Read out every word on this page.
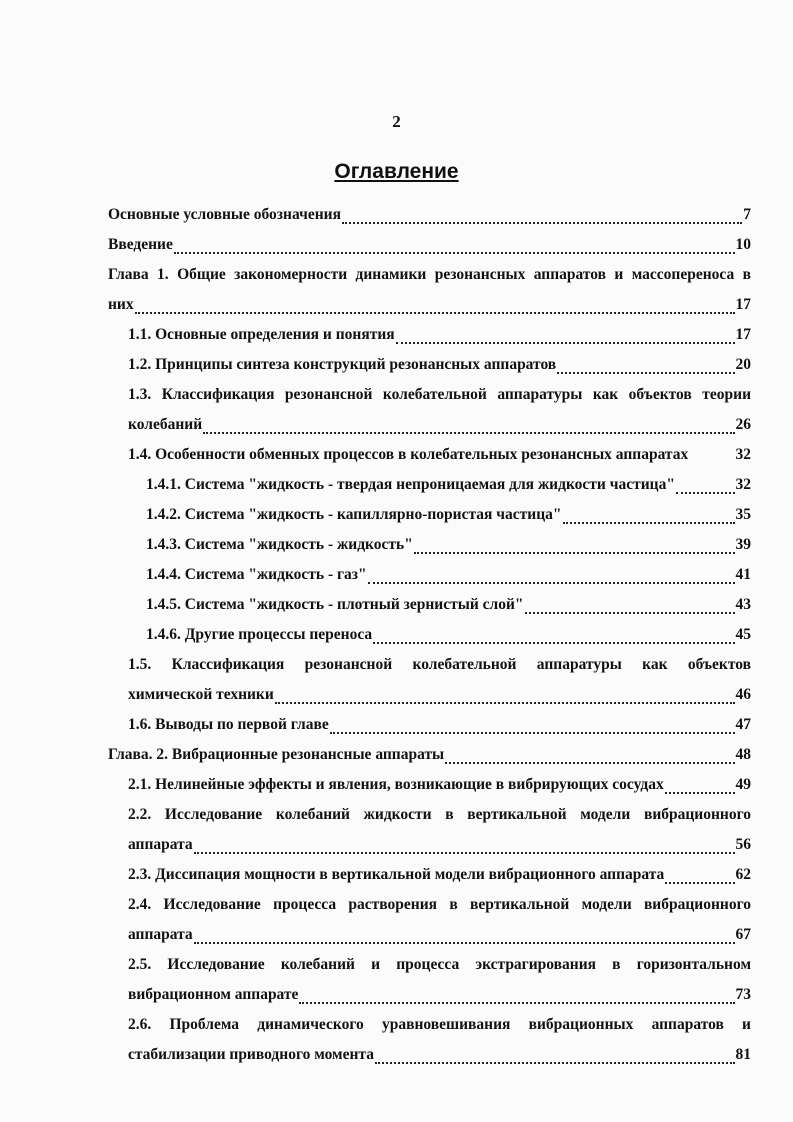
2
Оглавление
Основные условные обозначения	7
Введение	10
Глава 1. Общие закономерности динамики резонансных аппаратов и массопереноса в
них	17
1.1. Основные определения и понятия	17
1.2. Принципы синтеза конструкций резонансных аппаратов	20
1.3. Классификация резонансной колебательной аппаратуры как объектов теории
колебаний	26
1.4. Особенности обменных процессов в колебательных резонансных аппаратах	32
1.4.1. Система "жидкость - твердая непроницаемая для жидкости частица"	32
1.4.2. Система "жидкость - капиллярно-пористая частица"	35
1.4.3. Система "жидкость - жидкость"	39
1.4.4. Система "жидкость - газ"	41
1.4.5. Система "жидкость - плотный зернистый слой"	43
1.4.6. Другие процессы переноса	45
1.5. Классификация резонансной колебательной аппаратуры как объектов
химической техники	46
1.6. Выводы по первой главе	47
Глава. 2. Вибрационные резонансные аппараты	48
2.1. Нелинейные эффекты и явления, возникающие в вибрирующих сосудах	49
2.2. Исследование колебаний жидкости в вертикальной модели вибрационного
аппарата	56
2.3. Диссипация мощности в вертикальной модели вибрационного аппарата	62
2.4. Исследование процесса растворения в вертикальной модели вибрационного
аппарата	67
2.5. Исследование колебаний и процесса экстрагирования в горизонтальном
вибрационном аппарате	73
2.6. Проблема динамического уравновешивания вибрационных аппаратов и
стабилизации приводного момента	81
